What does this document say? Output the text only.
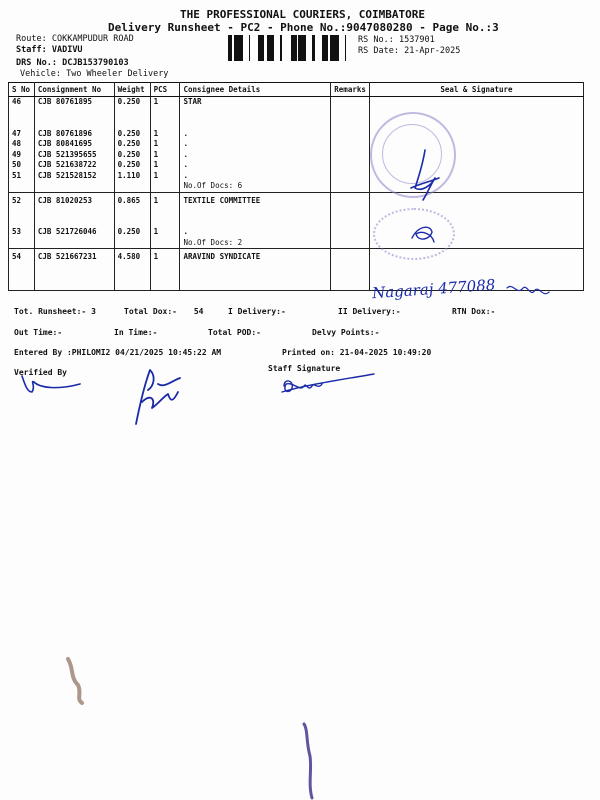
THE PROFESSIONAL COURIERS, COIMBATORE
Delivery Runsheet - PC2 - Phone No.:9047080280 - Page No.:3
Route: COKKAMPUDUR ROAD
Staff: VADIVU
DRS No.: DCJB153790103
Vehicle: Two Wheeler Delivery
RS No.: 1537901
RS Date: 21-Apr-2025
S No	Consignment No	Weight	PCS	Consignee Details	Remarks	Seal & Signature
46	CJB 80761895	0.250	1	STAR		

47	CJB 80761896	0.250	1	.		
48	CJB 80841695	0.250	1	.		
49	CJB 521395655	0.250	1	.		
50	CJB 521638722	0.250	1	.		
51	CJB 521528152	1.110	1	.		
				No.Of Docs: 6		
52	CJB 81020253	0.865	1	TEXTILE COMMITTEE		

53	CJB 521726046	0.250	1	.		
				No.Of Docs: 2		
54	CJB 521667231	4.580	1	ARAVIND SYNDICATE		
Nagaraj 477088
Tot. Runsheet:- 3	Total Dox:- 54	I Delivery:-	II Delivery:-	RTN Dox:-
Out Time:-	In Time:-	Total POD:-	Delvy Points:-
Entered By :PHILOMI2 04/21/2025 10:45:22 AM	Printed on: 21-04-2025 10:49:20
Verified By	Staff Signature
